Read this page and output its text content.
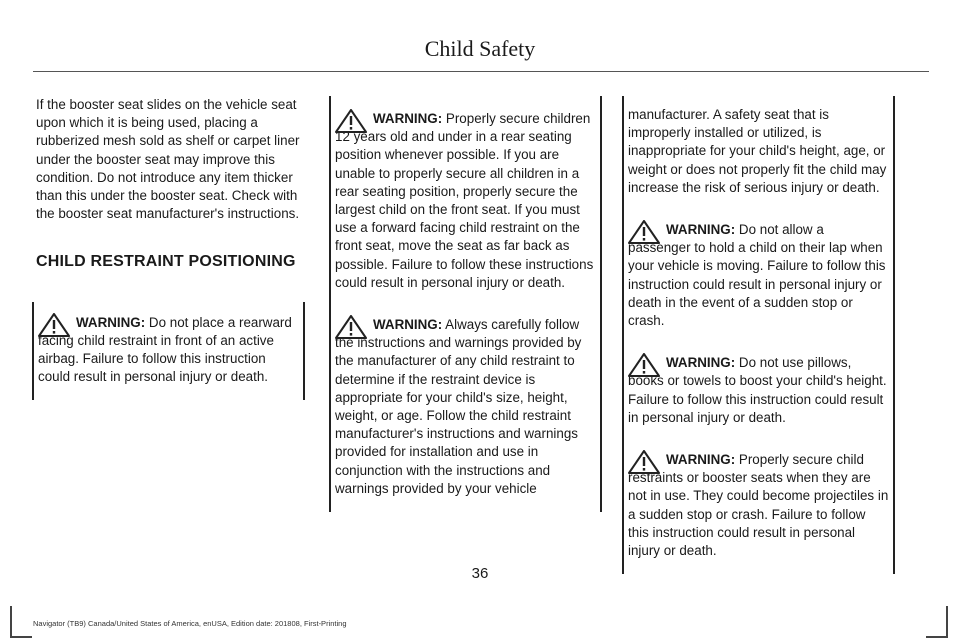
Child Safety

If the booster seat slides on the vehicle seat upon which it is being used, placing a rubberized mesh sold as shelf or carpet liner under the booster seat may improve this condition. Do not introduce any item thicker than this under the booster seat. Check with the booster seat manufacturer's instructions.

CHILD RESTRAINT POSITIONING

WARNING: Do not place a rearward facing child restraint in front of an active airbag. Failure to follow this instruction could result in personal injury or death.

WARNING: Properly secure children 12 years old and under in a rear seating position whenever possible. If you are unable to properly secure all children in a rear seating position, properly secure the largest child on the front seat. If you must use a forward facing child restraint on the front seat, move the seat as far back as possible. Failure to follow these instructions could result in personal injury or death.

WARNING: Always carefully follow the instructions and warnings provided by the manufacturer of any child restraint to determine if the restraint device is appropriate for your child's size, height, weight, or age. Follow the child restraint manufacturer's instructions and warnings provided for installation and use in conjunction with the instructions and warnings provided by your vehicle

manufacturer. A safety seat that is improperly installed or utilized, is inappropriate for your child's height, age, or weight or does not properly fit the child may increase the risk of serious injury or death.

WARNING: Do not allow a passenger to hold a child on their lap when your vehicle is moving. Failure to follow this instruction could result in personal injury or death in the event of a sudden stop or crash.

WARNING: Do not use pillows, books or towels to boost your child's height. Failure to follow this instruction could result in personal injury or death.

WARNING: Properly secure child restraints or booster seats when they are not in use. They could become projectiles in a sudden stop or crash. Failure to follow this instruction could result in personal injury or death.

36
Navigator (TB9) Canada/United States of America, enUSA, Edition date: 201808, First-Printing
